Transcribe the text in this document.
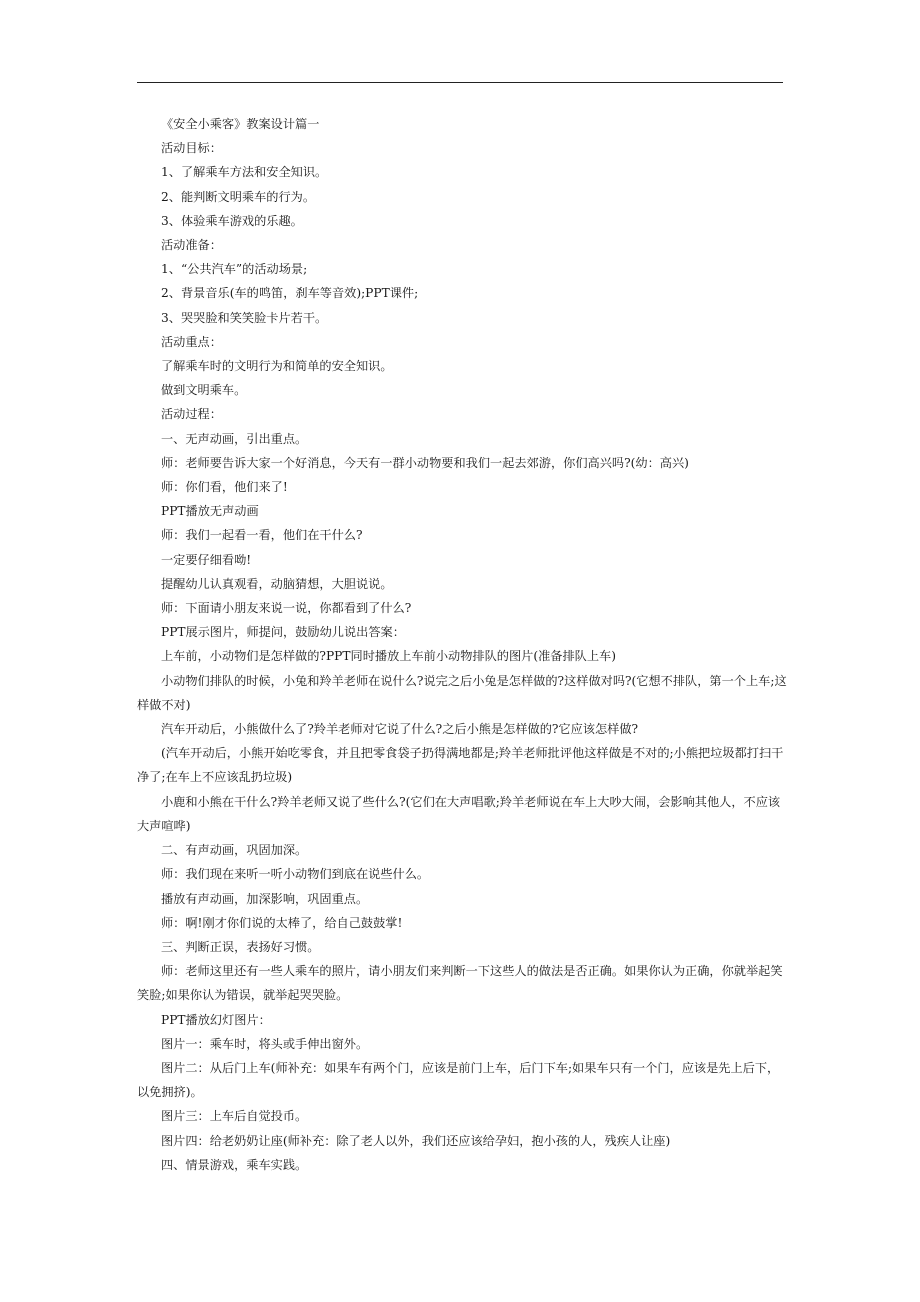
《安全小乘客》教案设计篇一

活动目标：

1、了解乘车方法和安全知识。

2、能判断文明乘车的行为。

3、体验乘车游戏的乐趣。

活动准备：

1、“公共汽车”的活动场景;

2、背景音乐(车的鸣笛，刹车等音效);PPT课件;

3、哭哭脸和笑笑脸卡片若干。

活动重点：

了解乘车时的文明行为和简单的安全知识。

做到文明乘车。

活动过程：

一、无声动画，引出重点。

师：老师要告诉大家一个好消息，今天有一群小动物要和我们一起去郊游，你们高兴吗?(幼：高兴)

师：你们看，他们来了!

PPT播放无声动画

师：我们一起看一看，他们在干什么?

一定要仔细看呦!

提醒幼儿认真观看，动脑猜想，大胆说说。

师：下面请小朋友来说一说，你都看到了什么?

PPT展示图片，师提问，鼓励幼儿说出答案：

上车前，小动物们是怎样做的?PPT同时播放上车前小动物排队的图片(准备排队上车)

小动物们排队的时候，小兔和羚羊老师在说什么?说完之后小兔是怎样做的?这样做对吗?(它想不排队，第一个上车;这样做不对)

汽车开动后，小熊做什么了?羚羊老师对它说了什么?之后小熊是怎样做的?它应该怎样做?

(汽车开动后，小熊开始吃零食，并且把零食袋子扔得满地都是;羚羊老师批评他这样做是不对的;小熊把垃圾都打扫干净了;在车上不应该乱扔垃圾)

小鹿和小熊在干什么?羚羊老师又说了些什么?(它们在大声唱歌;羚羊老师说在车上大吵大闹，会影响其他人，不应该大声喧哗)

二、有声动画，巩固加深。

师：我们现在来听一听小动物们到底在说些什么。

播放有声动画，加深影响，巩固重点。

师：啊!刚才你们说的太棒了，给自己鼓鼓掌!

三、判断正误，表扬好习惯。

师：老师这里还有一些人乘车的照片，请小朋友们来判断一下这些人的做法是否正确。如果你认为正确，你就举起笑笑脸;如果你认为错误，就举起哭哭脸。

PPT播放幻灯图片：

图片一：乘车时，将头或手伸出窗外。

图片二：从后门上车(师补充：如果车有两个门，应该是前门上车，后门下车;如果车只有一个门，应该是先上后下，以免拥挤)。

图片三：上车后自觉投币。

图片四：给老奶奶让座(师补充：除了老人以外，我们还应该给孕妇，抱小孩的人，残疾人让座)

四、情景游戏，乘车实践。
